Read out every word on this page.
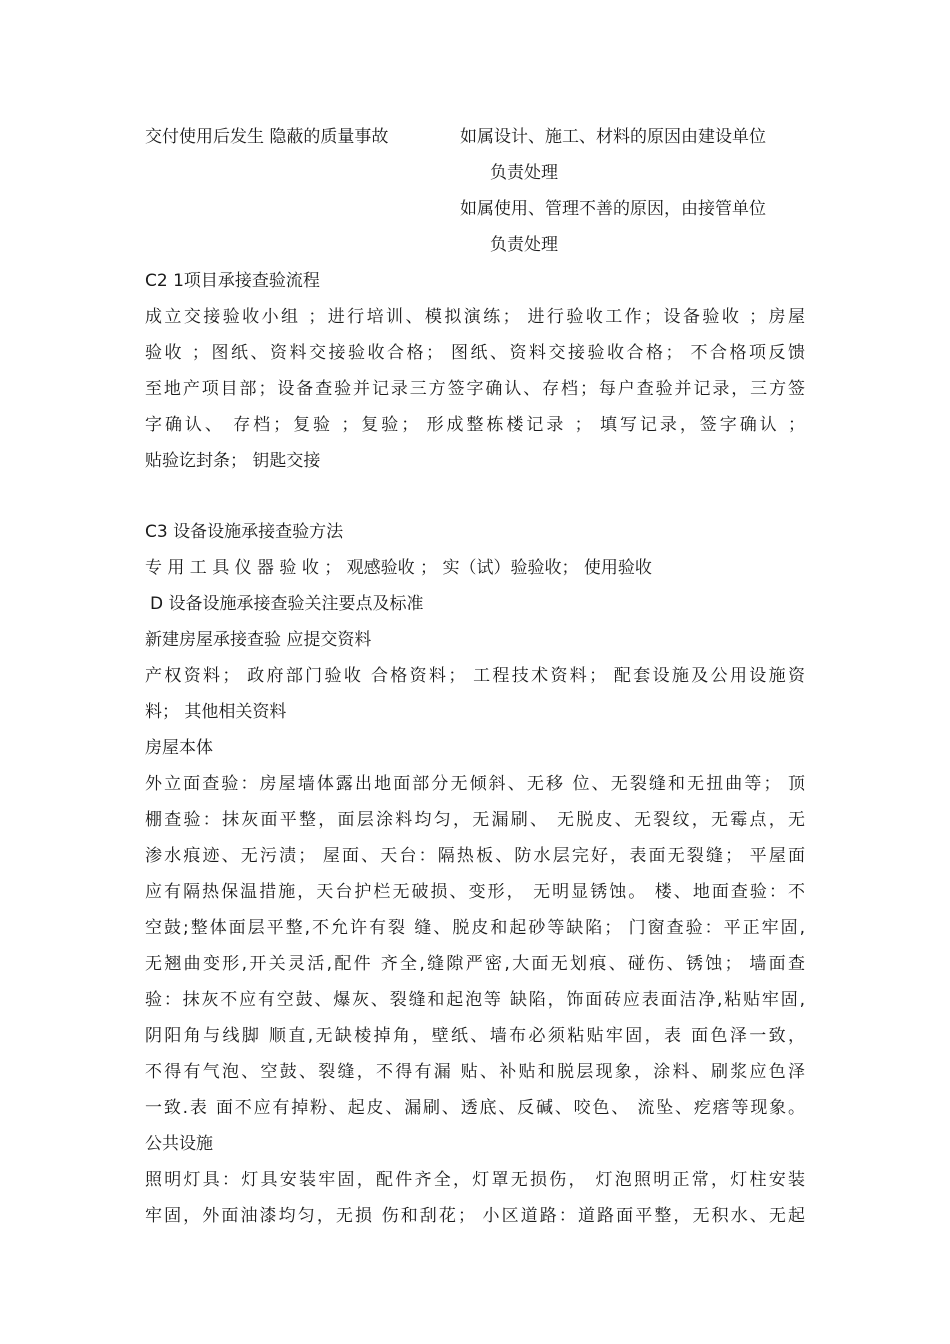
交付使用后发生 隐蔽的质量事故	如属设计、施工、材料的原因由建设单位

负责处理

如属使用、管理不善的原因，由接管单位

负责处理

C2 1项目承接查验流程

成立交接验收小组 ；进行培训、模拟演练； 进行验收工作；设备验收 ；房屋

验收 ；图纸、资料交接验收合格； 图纸、资料交接验收合格； 不合格项反馈

至地产项目部；设备查验并记录三方签字确认、存档；每户查验并记录，三方签

字确认、 存档；复验 ；复验； 形成整栋楼记录 ； 填写记录，签字确认 ；

贴验讫封条； 钥匙交接

C3 设备设施承接查验方法

专 用 工 具 仪 器 验 收 ； 观感验收 ； 实（试）验验收； 使用验收

D 设备设施承接查验关注要点及标准

新建房屋承接查验 应提交资料

产权资料； 政府部门验收 合格资料； 工程技术资料； 配套设施及公用设施资

料； 其他相关资料

房屋本体

外立面查验：房屋墙体露出地面部分无倾斜、无移 位、无裂缝和无扭曲等； 顶

棚查验：抹灰面平整，面层涂料均匀，无漏刷、 无脱皮、无裂纹，无霉点，无

渗水痕迹、无污渍； 屋面、天台：隔热板、防水层完好，表面无裂缝； 平屋面

应有隔热保温措施，天台护栏无破损、变形， 无明显锈蚀。 楼、地面查验：不

空鼓;整体面层平整,不允许有裂 缝、脱皮和起砂等缺陷； 门窗查验：平正牢固,

无翘曲变形,开关灵活,配件 齐全,缝隙严密,大面无划痕、碰伤、锈蚀； 墙面查

验：抹灰不应有空鼓、爆灰、裂缝和起泡等 缺陷，饰面砖应表面洁净,粘贴牢固,

阴阳角与线脚 顺直,无缺棱掉角，壁纸、墙布必须粘贴牢固，表 面色泽一致，

不得有气泡、空鼓、裂缝，不得有漏 贴、补贴和脱层现象，涂料、刷浆应色泽

一致.表 面不应有掉粉、起皮、漏刷、透底、反碱、咬色、 流坠、疙瘩等现象。

公共设施

照明灯具：灯具安装牢固，配件齐全，灯罩无损伤， 灯泡照明正常，灯柱安装

牢固，外面油漆均匀，无损 伤和刮花； 小区道路：道路面平整，无积水、无起
